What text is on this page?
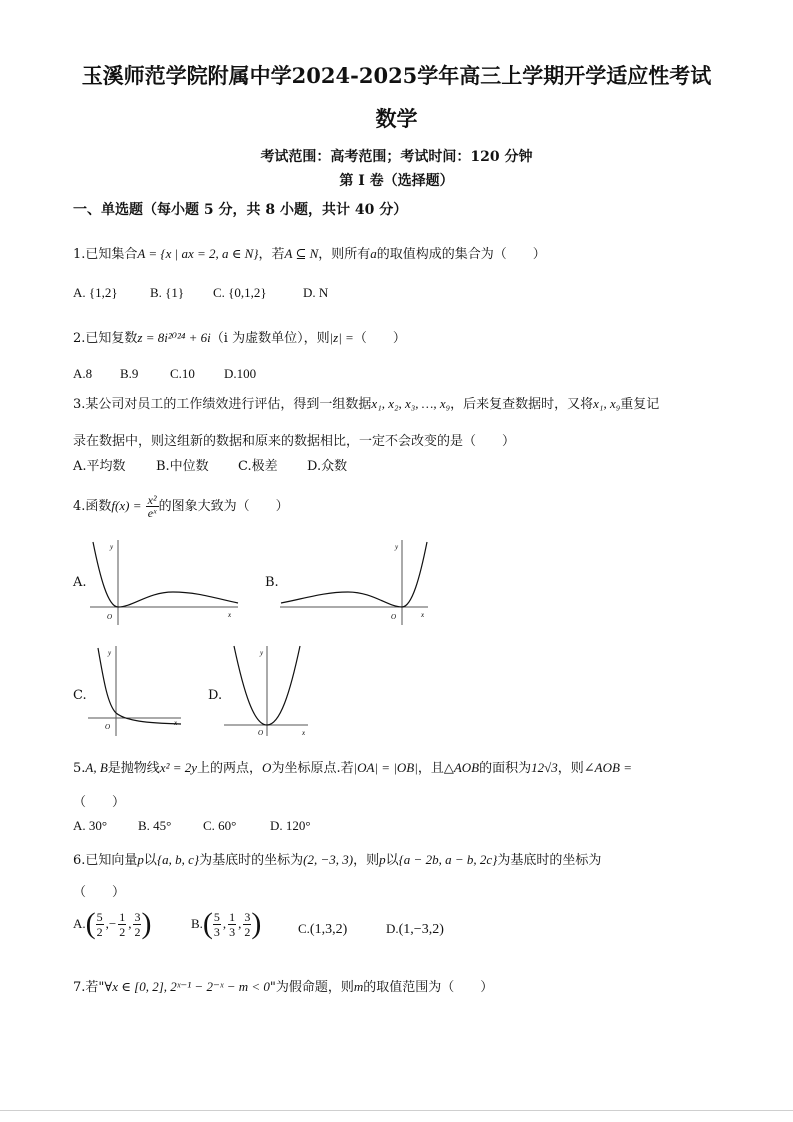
玉溪师范学院附属中学2024-2025学年高三上学期开学适应性考试
数学
考试范围：高考范围；考试时间：120 分钟
第 I 卷（选择题）
一、单选题（每小题 5 分，共 8 小题，共计 40 分）
1.已知集合A = {x | ax = 2, a ∈ N}，若A ⊆ N，则所有a的取值构成的集合为（　　）
A. {1,2} B. {1} C. {0,1,2}	D. N
2.已知复数z = 8i²⁰²⁴ + 6i（i 为虚数单位），则|z| =（　　）
A.8 B.9 C.10 D.100
3.某公司对员工的工作绩效进行评估，得到一组数据x₁, x₂, x₃, …, x₉，后来复查数据时，又将x₁, x₉重复记
录在数据中，则这组新的数据和原来的数据相比，一定不会改变的是（　　）
A.平均数 B.中位数 C.极差 D.众数
4.函数$f(x) = \frac{\text{x²}}{\text{eˣ}}$ 的图象大致为（　　）
A.
y
x
O
B.
y
x
O
C.
y
x
O
D.
y
x
O
5.A, B是抛物线x² = 2y上的两点，O为坐标原点.若|OA| = |OB|，且△AOB的面积为12√3，则∠AOB =
（　　）
A. 30° B. 45° C. 60°	D. 120°
6.已知向量p以{a, b, c}为基底时的坐标为(2, −3, 3)，则p以{a − 2b, a − b, 2c}为基底时的坐标为
（　　）
A. ( $\frac{5}{2}$ ,− $\frac{1}{2}$ , $\frac{3}{2}$ )	B. ( $\frac{5}{3}$ , $\frac{1}{3}$ , $\frac{3}{2}$ )	C.(1,3,2)	D.(1,−3,2)
7.若"∀x ∈ [0, 2], 2ˣ⁻¹ − 2⁻ˣ − m < 0"为假命题，则m的取值范围为（　　）
